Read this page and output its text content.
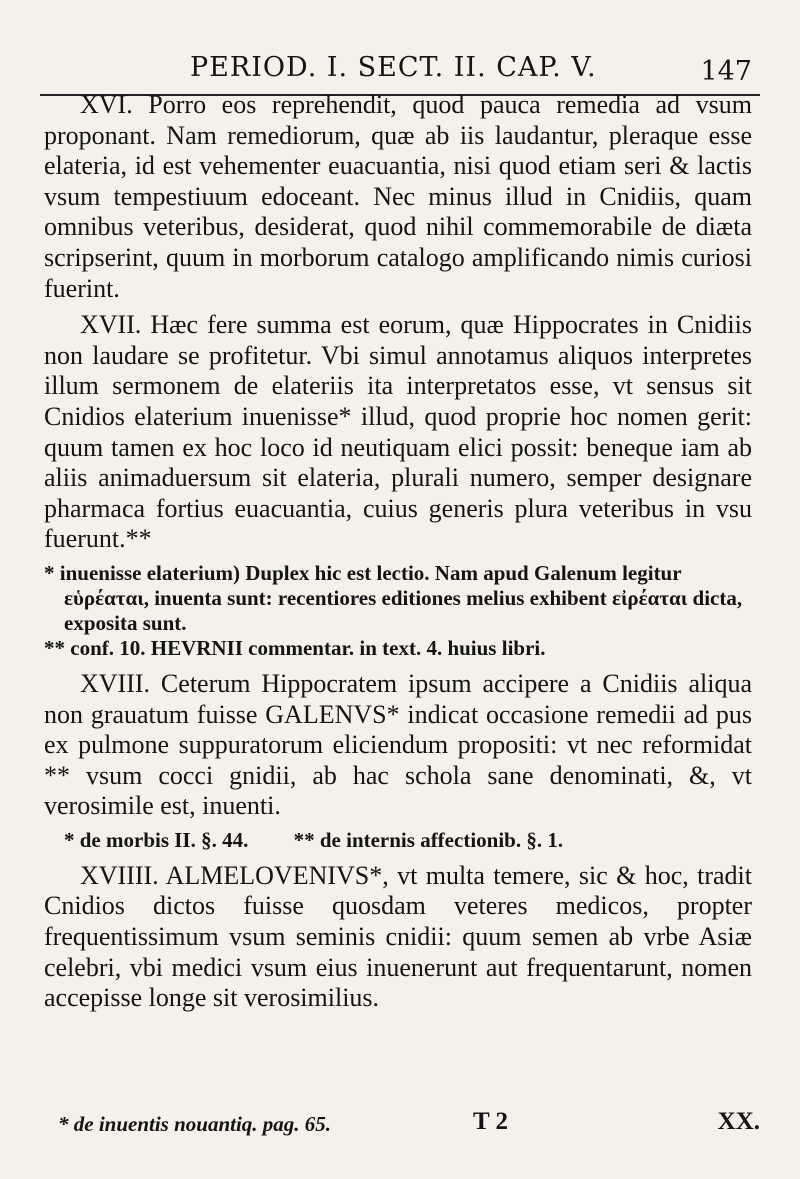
PERIOD. I. SECT. II. CAP. V.	147

XVI. Porro eos reprehendit, quod pauca remedia ad vsum proponant. Nam remediorum, quæ ab iis laudantur, pleraque esse elateria, id est vehementer euacuantia, nisi quod etiam seri & lactis vsum tempestiuum edoceant. Nec minus illud in Cnidiis, quam omnibus veteribus, desiderat, quod nihil commemorabile de diæta scripserint, quum in morborum catalogo amplificando nimis curiosi fuerint.

XVII. Hæc fere summa est eorum, quæ Hippocrates in Cnidiis non laudare se profitetur. Vbi simul annotamus aliquos interpretes illum sermonem de elateriis ita interpretatos esse, vt sensus sit Cnidios elaterium inuenisse* illud, quod proprie hoc nomen gerit: quum tamen ex hoc loco id neutiquam elici possit: beneque iam ab aliis animaduersum sit elateria, plurali numero, semper designare pharmaca fortius euacuantia, cuius generis plura veteribus in vsu fuerunt.**

* inuenisse elaterium) Duplex hic est lectio. Nam apud Galenum legitur εὑρέαται, inuenta sunt: recentiores editiones melius exhibent εἰρέαται dicta, exposita sunt.
** conf. 10. HEVRNII commentar. in text. 4. huius libri.

XVIII. Ceterum Hippocratem ipsum accipere a Cnidiis aliqua non grauatum fuisse GALENVS* indicat occasione remedii ad pus ex pulmone suppuratorum eliciendum propositi: vt nec reformidat ** vsum cocci gnidii, ab hac schola sane denominati, &, vt verosimile est, inuenti.

* de morbis II. §. 44. ** de internis affectionib. §. 1.

XVIIII. ALMELOVENIVS*, vt multa temere, sic & hoc, tradit Cnidios dictos fuisse quosdam veteres medicos, propter frequentissimum vsum seminis cnidii: quum semen ab vrbe Asiæ celebri, vbi medici vsum eius inuenerunt aut frequentarunt, nomen accepisse longe sit verosimilius.

* de inuentis nouantiq. pag. 65.	T 2	XX.
